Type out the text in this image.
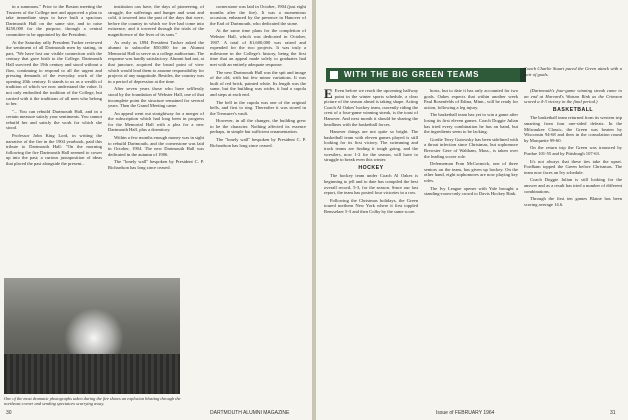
in a summons." Prior to the Boston meeting the Trustees of the College met and approved a plan to take immediate steps to have built a spacious Dartmouth Hall on the same site, and to raise $250,000 for the purpose, through a central committee to be appointed by the President.

At the Saturday rally President Tucker reviewed the sentiment of all Dartmouth men by stating, in part, "We have lost our visible connection with the century that gave birth to the College. Dartmouth Hall survived the 19th century and stood without a flaw, continuing to respond to all the urgent and pressing demands of the everyday work of the opening 20th century. It stands to us as a wealth of tradition of which we now understand the value. It not only embodied the tradition of the College, but carried with it the traditions of all men who belong to her.

"... You can rebuild Dartmouth Hall, and in a certain measure satisfy your sentiments. You cannot rebuild her and satisfy the work for which she stood.

Professor John King Lord, in writing the narrative of the fire in the 1904 yearbook, paid this tribute to Dartmouth Hall: "On the morning following the fire Dartmouth Hall seemed to cower up into the past; a curious juxtaposition of ideas that placed the past alongside the present...

institution can have, the days of pioneering, of struggle, the sufferings and hunger and want and cold, it towered into the past of the days that were, before the country in which we live had come into existence, and it towered through the trials of the magnificence of the lives of its sons."

As early as 1894 President Tucker asked the alumni to subscribe $50,000 for an Alumni Memorial Hall to serve as a college auditorium. The response was hardly satisfactory. Alumni had not, at that juncture, acquired the broad point of view which would lead them to assume responsibility for projects of any magnitude. Besides, the country was in a period of depression at the time.

After seven years those who have selflessly stood by the foundation of Webster Hall, one of that incomplete point the structure remained for several years. Then the Grand Meeting came.

An appeal went out straightway for a merger of the subscription which had long been in progress for the Memorial Hall with a plea for a new Dartmouth Hall, plus a dormitory.

Within a few months enough money was in sight to rebuild Dartmouth, and the cornerstone was laid in October, 1904. The new Dartmouth Hall was dedicated in the autumn of 1906.

The "lonely wall" bespoken by President C. P. Richardson has long since ceased.

cornerstone was laid in October, 1904 (just eight months after the fire). It was a momentous occasion, enhanced by the presence in Hanover of the Earl of Dartmouth, who dedicated the stone.

At the same time plans for the completion of Webster Hall, which was dedicated in October, 1907. A total of $1,600,000 was raised and expended for the two projects. It was truly a milestone in the College's history, being the first time that an appeal made solely to graduates had met with an entirely adequate response.

The new Dartmouth Hall was the spit and image of the old, with but few minor variations. It was built of red brick, painted white. Its length was the same, but the building was wider, it had a cupola and steps at each end.

The bell in the cupola was one of the original bells, and first to ring. Thereafter it was stored in the Treasurer's vault.

However, in all the changes, the building grew to be the character. Nothing affected its essence perhaps, in simple but sufficient ornamentation.

The "lonely wall" bespoken by President C. P. Richardson has long since ceased.

One of the most dramatic photographs taken during the fire shows an explosion blasting through the northeast corner and sending spectators scurrying away.
30	DARTMOUTH ALUMNI MAGAZINE
WITH THE BIG GREEN TEAMS

E Even before we reach the upcoming halfway point in the winter sports schedule, a clear picture of the season ahead is taking shape. Acting Coach Al Oakes' hockey team, currently riding the crest of a four-game winning streak, is the toast of Hanover. And next month it should be sharing the headlines with the basketball forces.

Hanover things are not quite so bright. The basketball team with eleven games played is still looking for its first victory. The swimming and track teams are finding it tough going, and the wrestlers, now 1-2 for the season, will have to struggle to break even this winter.

HOCKEY

The hockey team under Coach Al Oakes is beginning to jell and to date has compiled the best overall record, 5-3, for the season. Since our last report, the team has posted four victories in a row.

Following the Christmas holidays, the Green toured northern New York where it first toppled Rensselaer 5-3 and then Colby by the same score.

hosts, but to date it has only accounted for two goals. Oakes expects that within another week Paul Rosenfelds of Edina, Minn., will be ready for action, following a leg injury.

The basketball team has yet to win a game after losing its first eleven games. Coach Doggie Julian has tried every combination he has on hand, but the ingredients seem to be lacking.

Gordie Terry Gutowsky has been sidelined with a throat infection since Christmas, but sophomore Brewster Gere of Waltham, Mass., is taken over the leading scorer role.

Defenseman Fran McCormick, one of three seniors on the team, has given up hockey. On the other hand, eight sophomores are now playing key roles.

The Ivy League opener with Yale brought a standing-room-only crowd to Davis Hockey Rink.

Coach Charlie Stuart paced the Green attack with a pair of goals.

(Dartmouth's four-game winning streak came to an end at Harvard's Watson Rink as the Crimson scored a 4-3 victory in the final period.)

BASKETBALL

The basketball team returned from its western trip smarting from four one-sided defeats. In the Milwaukee Classic, the Green was beaten by Wisconsin 94-68 and then in the consolation round by Marquette 99-60.

On the return trip the Green was trounced by Purdue 101-55 and by Pittsburgh 107-63.

It's not always that these ties take the upset. Fordham topped the Green before Christmas. The team now faces an Ivy schedule.

Coach Doggie Julian is still looking for the answer and as a result has tried a number of different combinations.

Through the first ten games Blaine has been scoring average 14.6.

Issue of FEBRUARY 1964	31
